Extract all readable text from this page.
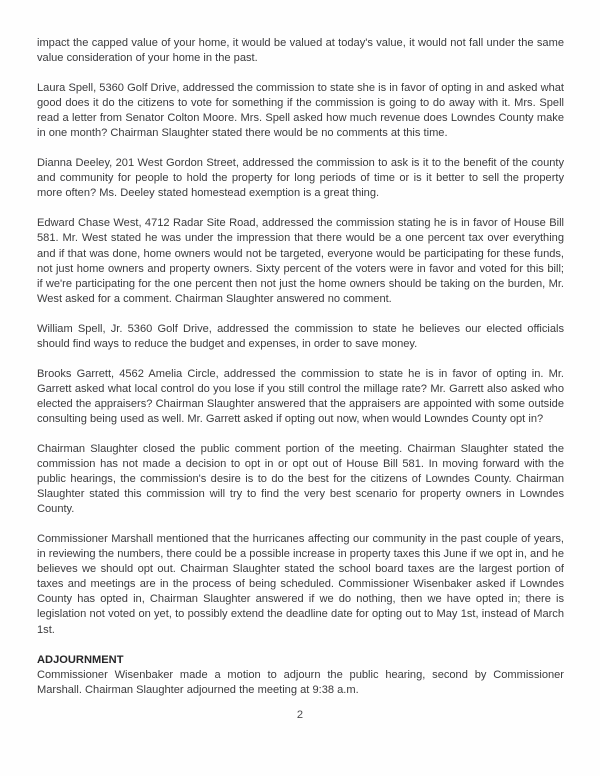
impact the capped value of your home, it would be valued at today's value, it would not fall under the same value consideration of your home in the past.

Laura Spell, 5360 Golf Drive, addressed the commission to state she is in favor of opting in and asked what good does it do the citizens to vote for something if the commission is going to do away with it. Mrs. Spell read a letter from Senator Colton Moore. Mrs. Spell asked how much revenue does Lowndes County make in one month? Chairman Slaughter stated there would be no comments at this time.

Dianna Deeley, 201 West Gordon Street, addressed the commission to ask is it to the benefit of the county and community for people to hold the property for long periods of time or is it better to sell the property more often? Ms. Deeley stated homestead exemption is a great thing.

Edward Chase West, 4712 Radar Site Road, addressed the commission stating he is in favor of House Bill 581. Mr. West stated he was under the impression that there would be a one percent tax over everything and if that was done, home owners would not be targeted, everyone would be participating for these funds, not just home owners and property owners. Sixty percent of the voters were in favor and voted for this bill; if we're participating for the one percent then not just the home owners should be taking on the burden, Mr. West asked for a comment. Chairman Slaughter answered no comment.

William Spell, Jr. 5360 Golf Drive, addressed the commission to state he believes our elected officials should find ways to reduce the budget and expenses, in order to save money.

Brooks Garrett, 4562 Amelia Circle, addressed the commission to state he is in favor of opting in. Mr. Garrett asked what local control do you lose if you still control the millage rate? Mr. Garrett also asked who elected the appraisers? Chairman Slaughter answered that the appraisers are appointed with some outside consulting being used as well. Mr. Garrett asked if opting out now, when would Lowndes County opt in?

Chairman Slaughter closed the public comment portion of the meeting. Chairman Slaughter stated the commission has not made a decision to opt in or opt out of House Bill 581. In moving forward with the public hearings, the commission's desire is to do the best for the citizens of Lowndes County. Chairman Slaughter stated this commission will try to find the very best scenario for property owners in Lowndes County.

Commissioner Marshall mentioned that the hurricanes affecting our community in the past couple of years, in reviewing the numbers, there could be a possible increase in property taxes this June if we opt in, and he believes we should opt out. Chairman Slaughter stated the school board taxes are the largest portion of taxes and meetings are in the process of being scheduled. Commissioner Wisenbaker asked if Lowndes County has opted in, Chairman Slaughter answered if we do nothing, then we have opted in; there is legislation not voted on yet, to possibly extend the deadline date for opting out to May 1st, instead of March 1st.

ADJOURNMENT

Commissioner Wisenbaker made a motion to adjourn the public hearing, second by Commissioner Marshall. Chairman Slaughter adjourned the meeting at 9:38 a.m.

2
